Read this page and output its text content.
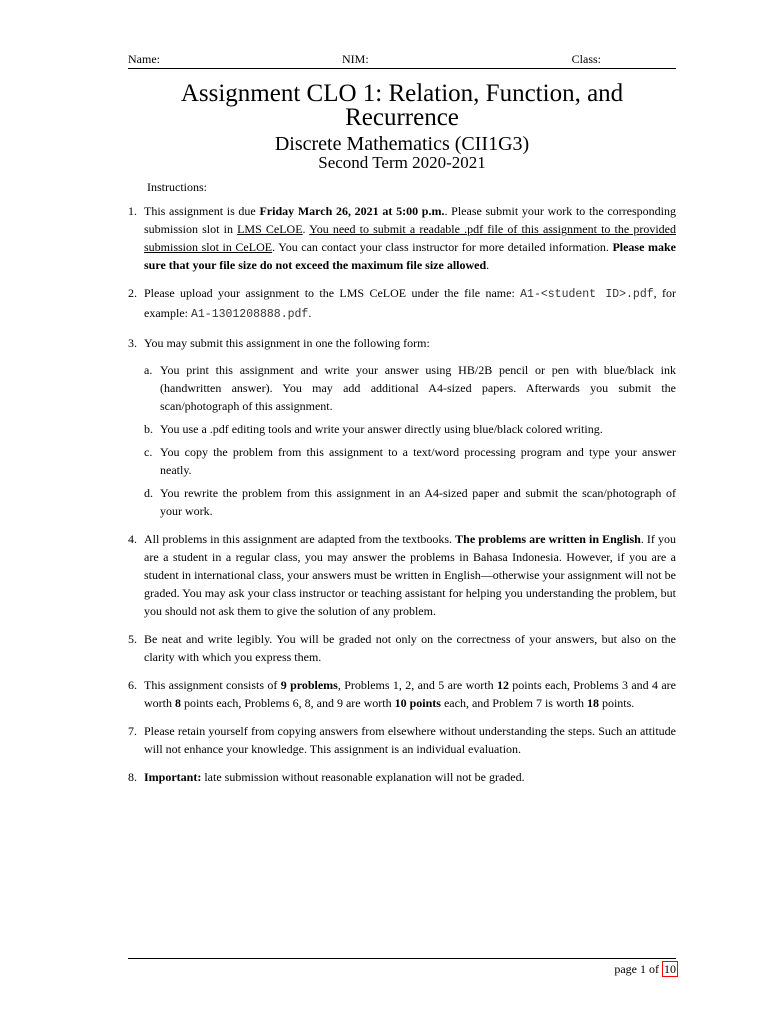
Name:	NIM:	Class:
Assignment CLO 1: Relation, Function, and
Recurrence
Discrete Mathematics (CII1G3)
Second Term 2020-2021
Instructions:
1. This assignment is due Friday March 26, 2021 at 5:00 p.m.. Please submit your work to the corresponding submission slot in LMS CeLOE. You need to submit a readable .pdf file of this assignment to the provided submission slot in CeLOE. You can contact your class instructor for more detailed information. Please make sure that your file size do not exceed the maximum file size allowed.
2. Please upload your assignment to the LMS CeLOE under the file name: A1-<student ID>.pdf, for example: A1-1301208888.pdf.
3. You may submit this assignment in one the following form:
a. You print this assignment and write your answer using HB/2B pencil or pen with blue/black ink (handwritten answer). You may add additional A4-sized papers. Afterwards you submit the scan/photograph of this assignment.
b. You use a .pdf editing tools and write your answer directly using blue/black colored writing.
c. You copy the problem from this assignment to a text/word processing program and type your answer neatly.
d. You rewrite the problem from this assignment in an A4-sized paper and submit the scan/photograph of your work.
4. All problems in this assignment are adapted from the textbooks. The problems are written in English. If you are a student in a regular class, you may answer the problems in Bahasa Indonesia. However, if you are a student in international class, your answers must be written in English—otherwise your assignment will not be graded. You may ask your class instructor or teaching assistant for helping you understanding the problem, but you should not ask them to give the solution of any problem.
5. Be neat and write legibly. You will be graded not only on the correctness of your answers, but also on the clarity with which you express them.
6. This assignment consists of 9 problems, Problems 1, 2, and 5 are worth 12 points each, Problems 3 and 4 are worth 8 points each, Problems 6, 8, and 9 are worth 10 points each, and Problem 7 is worth 18 points.
7. Please retain yourself from copying answers from elsewhere without understanding the steps. Such an attitude will not enhance your knowledge. This assignment is an individual evaluation.
8. Important: late submission without reasonable explanation will not be graded.
page 1 of 10
